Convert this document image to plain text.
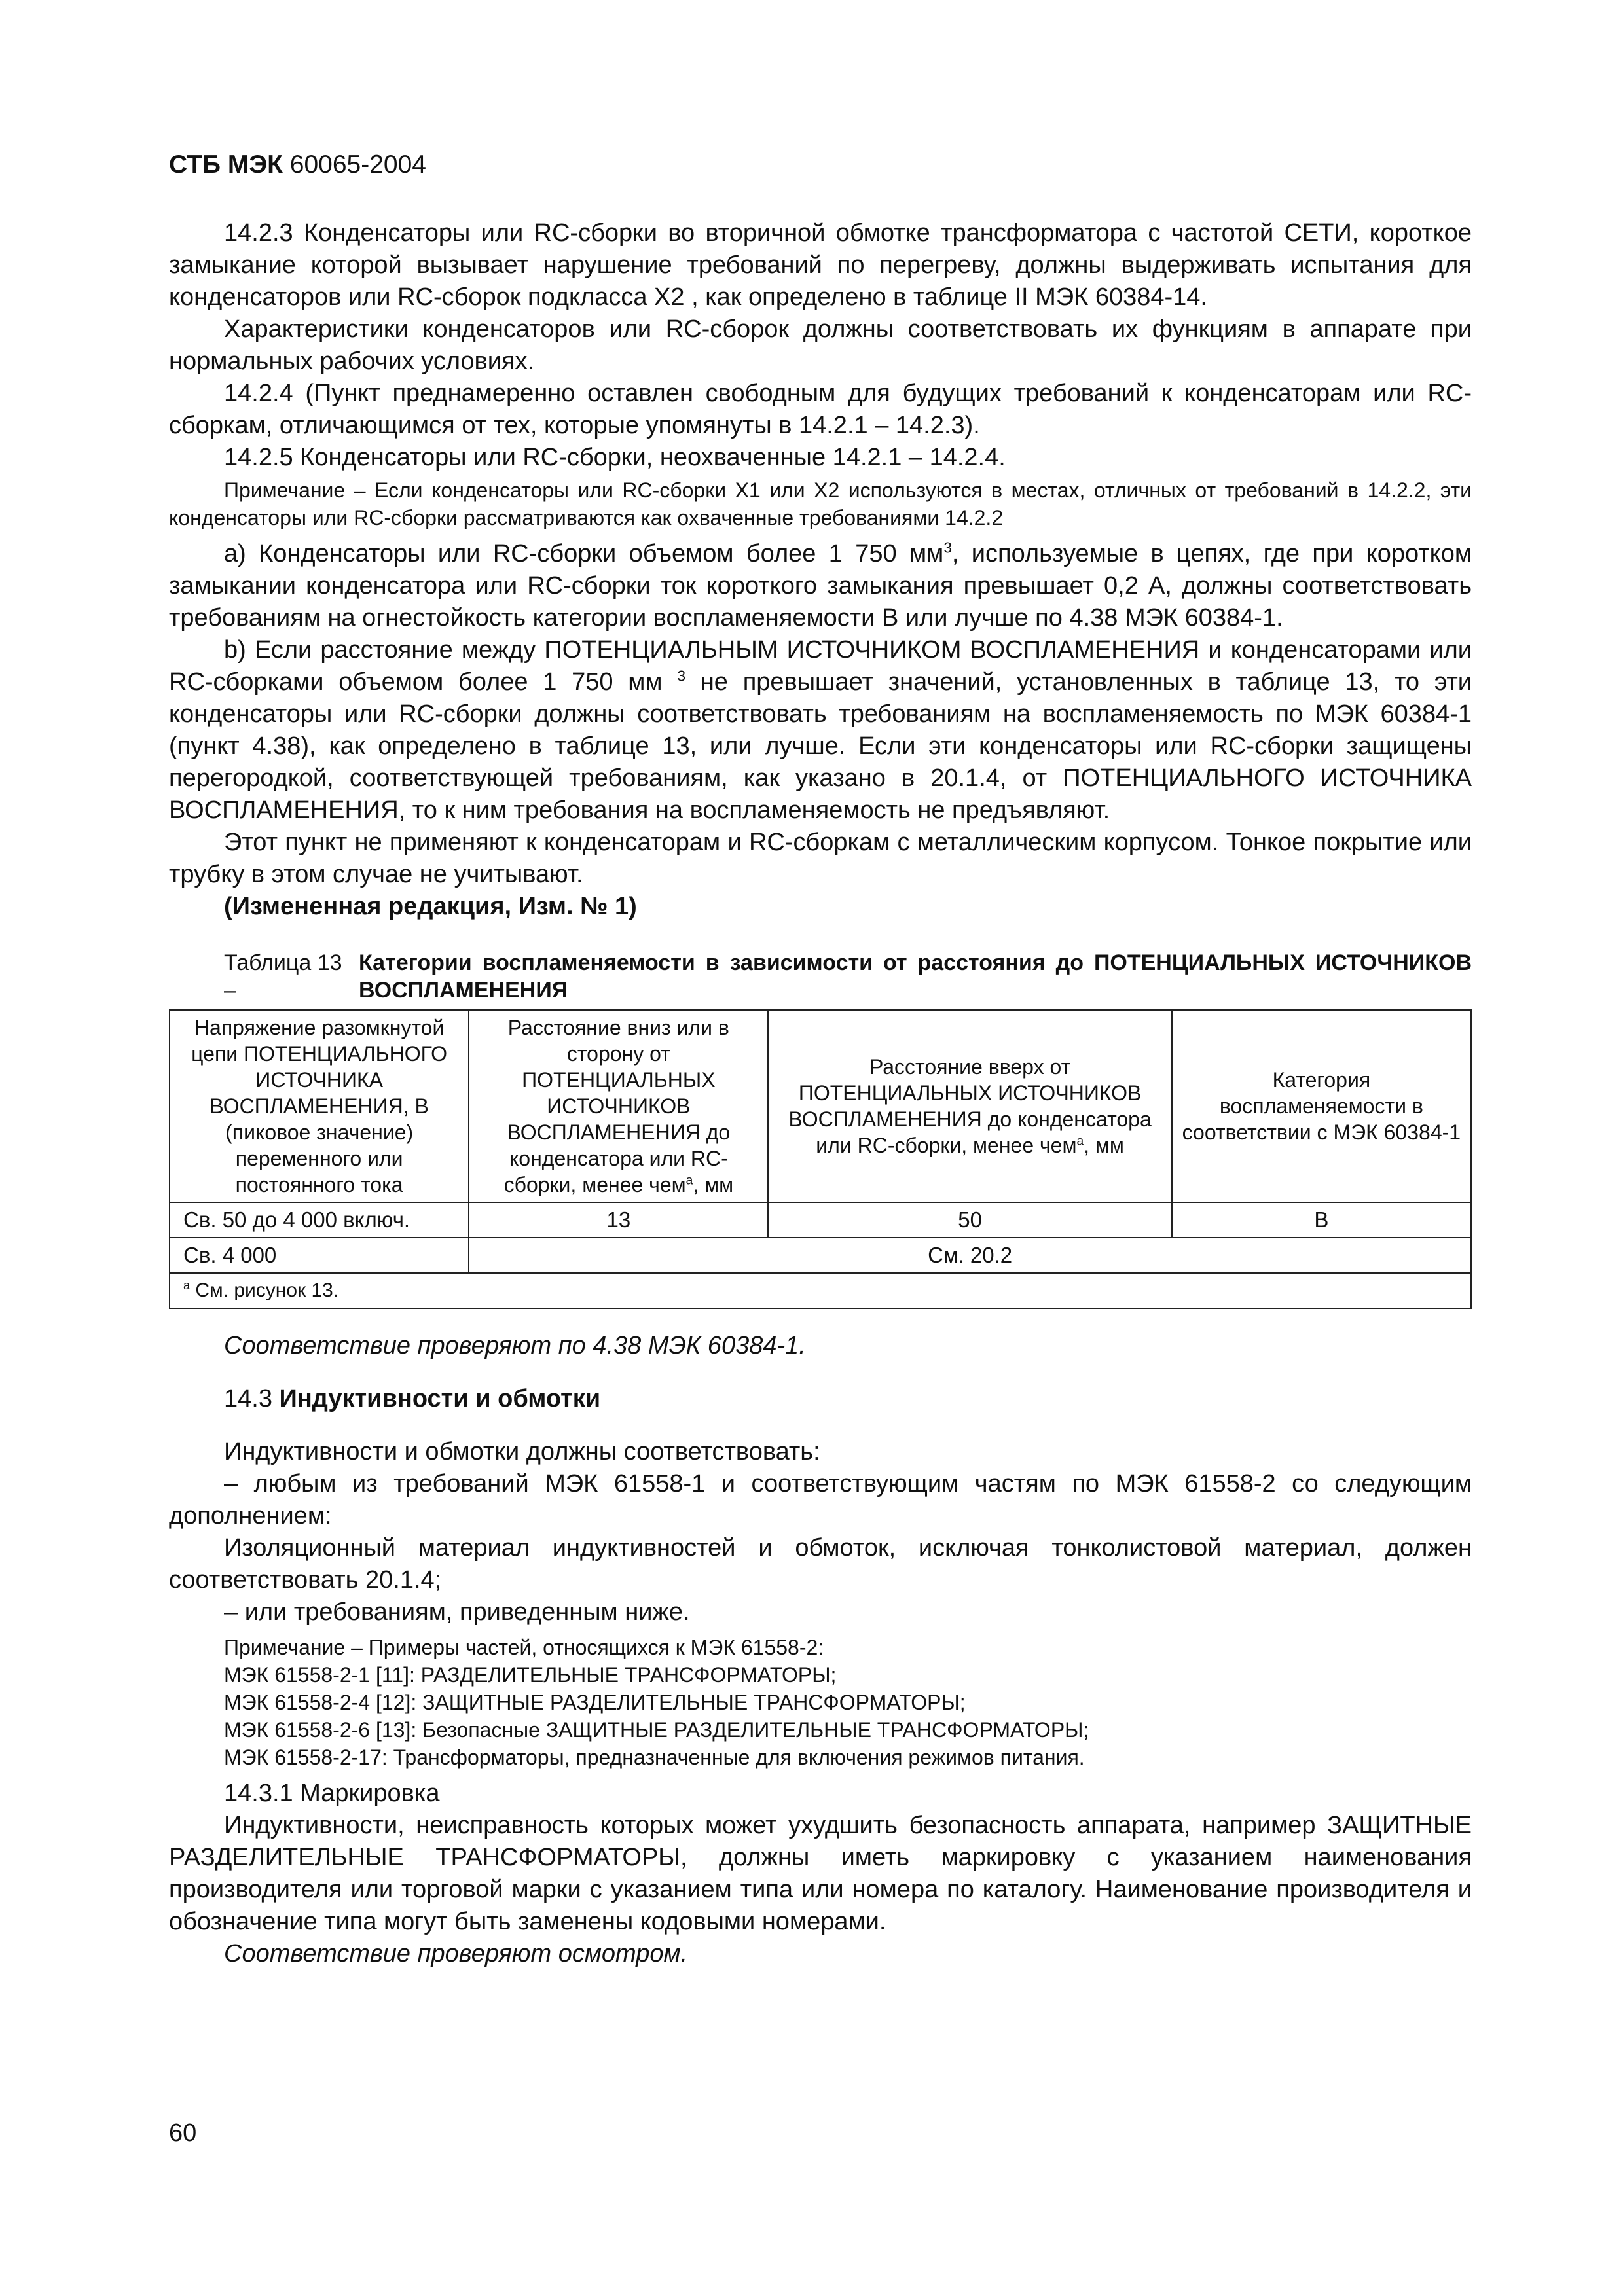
СТБ МЭК 60065-2004

14.2.3 Конденсаторы или RC-сборки во вторичной обмотке трансформатора с частотой СЕТИ, короткое замыкание которой вызывает нарушение требований по перегреву, должны выдерживать испытания для конденсаторов или RC-сборок подкласса X2 , как определено в таблице II МЭК 60384-14.

Характеристики конденсаторов или RC-сборок должны соответствовать их функциям в аппарате при нормальных рабочих условиях.

14.2.4 (Пункт преднамеренно оставлен свободным для будущих требований к конденсаторам или RC-сборкам, отличающимся от тех, которые упомянуты в 14.2.1 – 14.2.3).

14.2.5 Конденсаторы или RC-сборки, неохваченные 14.2.1 – 14.2.4.

Примечание – Если конденсаторы или RC-сборки X1 или X2 используются в местах, отличных от требований в 14.2.2, эти конденсаторы или RC-сборки рассматриваются как охваченные требованиями 14.2.2

a) Конденсаторы или RC-сборки объемом более 1 750 $мм^3$, используемые в цепях, где при коротком замыкании конденсатора или RC-сборки ток короткого замыкания превышает 0,2 А, должны соответствовать требованиям на огнестойкость категории воспламеняемости В или лучше по 4.38 МЭК 60384-1.

b) Если расстояние между ПОТЕНЦИАЛЬНЫМ ИСТОЧНИКОМ ВОСПЛАМЕНЕНИЯ и конденсаторами или RC-сборками объемом более 1 750 мм $^3$ не превышает значений, установленных в таблице 13, то эти конденсаторы или RC-сборки должны соответствовать требованиям на воспламеняемость по МЭК 60384-1 (пункт 4.38), как определено в таблице 13, или лучше. Если эти конденсаторы или RC-сборки защищены перегородкой, соответствующей требованиям, как указано в 20.1.4, от ПОТЕНЦИАЛЬНОГО ИСТОЧНИКА ВОСПЛАМЕНЕНИЯ, то к ним требования на воспламеняемость не предъявляют.

Этот пункт не применяют к конденсаторам и RC-сборкам с металлическим корпусом. Тонкое покрытие или трубку в этом случае не учитывают.

(Измененная редакция, Изм. № 1)

Таблица 13 –
Категории воспламеняемости в зависимости от расстояния до ПОТЕНЦИАЛЬНЫХ ИСТОЧНИКОВ ВОСПЛАМЕНЕНИЯ
Напряжение разомкнутой цепи ПОТЕНЦИАЛЬНОГО ИСТОЧНИКА ВОСПЛАМЕНЕНИЯ, В (пиковое значение) переменного или постоянного тока	Расстояние вниз или в сторону от ПОТЕНЦИАЛЬНЫХ ИСТОЧНИКОВ ВОСПЛАМЕНЕНИЯ до конденсатора или RC-сборки, менее чем$^a$, мм	Расстояние вверх от ПОТЕНЦИАЛЬНЫХ ИСТОЧНИКОВ ВОСПЛАМЕНЕНИЯ до конденсатора или RC-сборки, менее чем$^a$, мм	Категория воспламеняемости в соответствии с МЭК 60384-1
Св. 50 до 4 000 включ.	13	50	В
Св. 4 000	См. 20.2		
$^a$ См. рисунок 13.			

Соответствие проверяют по 4.38 МЭК 60384-1.

14.3 Индуктивности и обмотки

Индуктивности и обмотки должны соответствовать:

– любым из требований МЭК 61558-1 и соответствующим частям по МЭК 61558-2 со следующим дополнением:

Изоляционный материал индуктивностей и обмоток, исключая тонколистовой материал, должен соответствовать 20.1.4;

– или требованиям, приведенным ниже.

Примечание – Примеры частей, относящихся к МЭК 61558-2:

МЭК 61558-2-1 [11]: РАЗДЕЛИТЕЛЬНЫЕ ТРАНСФОРМАТОРЫ;

МЭК 61558-2-4 [12]: ЗАЩИТНЫЕ РАЗДЕЛИТЕЛЬНЫЕ ТРАНСФОРМАТОРЫ;

МЭК 61558-2-6 [13]: Безопасные ЗАЩИТНЫЕ РАЗДЕЛИТЕЛЬНЫЕ ТРАНСФОРМАТОРЫ;

МЭК 61558-2-17: Трансформаторы, предназначенные для включения режимов питания.

14.3.1 Маркировка

Индуктивности, неисправность которых может ухудшить безопасность аппарата, например ЗАЩИТНЫЕ РАЗДЕЛИТЕЛЬНЫЕ ТРАНСФОРМАТОРЫ, должны иметь маркировку с указанием наименования производителя или торговой марки с указанием типа или номера по каталогу. Наименование производителя и обозначение типа могут быть заменены кодовыми номерами.

Соответствие проверяют осмотром.

60
